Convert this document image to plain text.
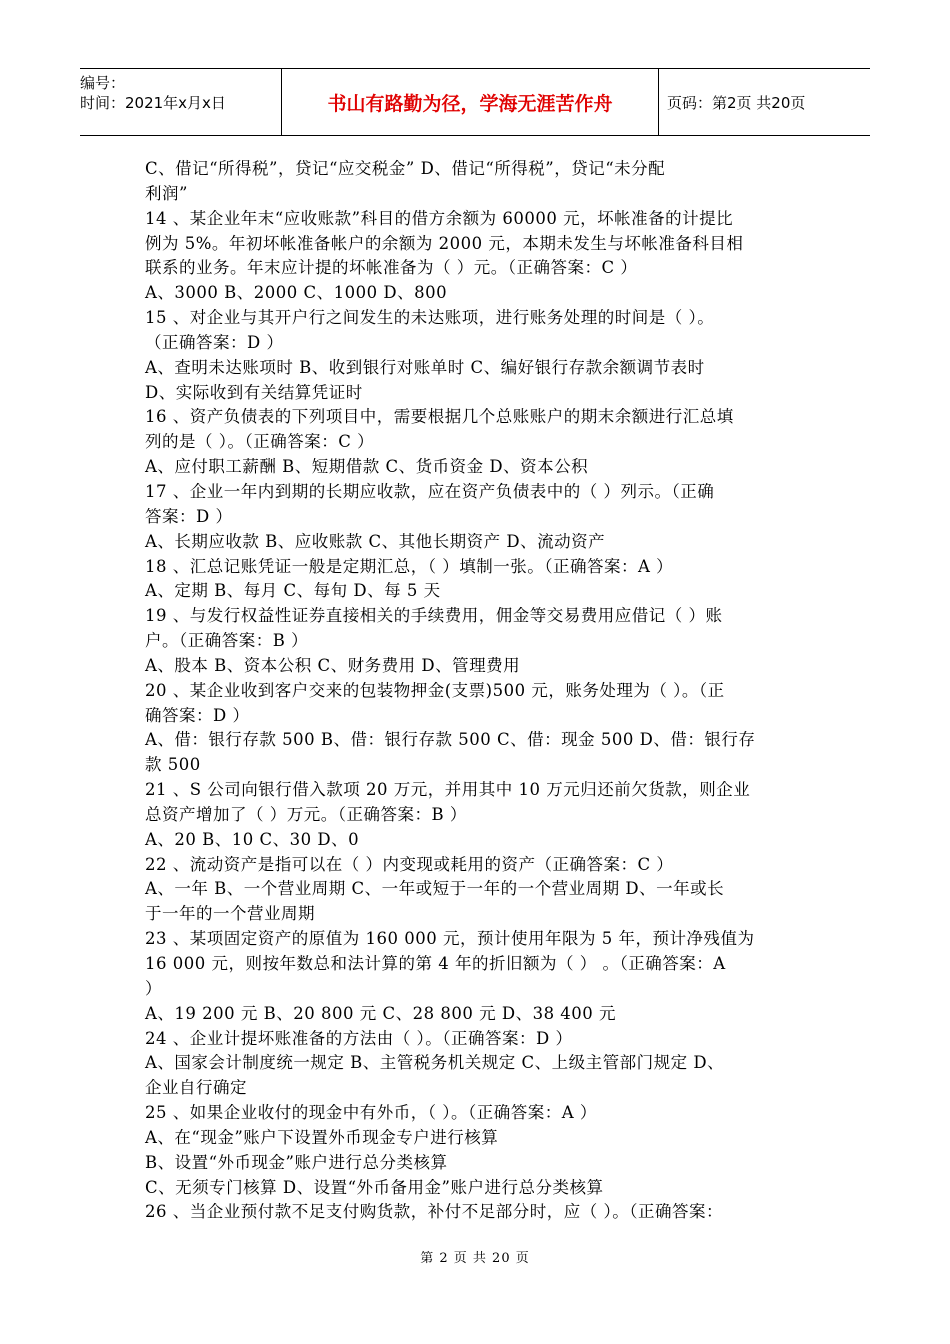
编号：
时间：2021年x月x日	书山有路勤为径，学海无涯苦作舟	页码：第2页 共20页

C、借记“所得税”，贷记“应交税金” D、借记“所得税”，贷记“未分配

利润”

14 、某企业年末“应收账款”科目的借方余额为 60000 元，坏帐准备的计提比

例为 5%。年初坏帐准备帐户的余额为 2000 元，本期未发生与坏帐准备科目相

联系的业务。年末应计提的坏帐准备为（ ）元。（正确答案：C ）

A、3000 B、2000 C、1000 D、800

15 、对企业与其开户行之间发生的未达账项，进行账务处理的时间是（ ）。

（正确答案：D ）

A、查明未达账项时 B、收到银行对账单时 C、编好银行存款余额调节表时

D、实际收到有关结算凭证时

16 、资产负债表的下列项目中，需要根据几个总账账户的期末余额进行汇总填

列的是（ ）。（正确答案：C ）

A、应付职工薪酬 B、短期借款 C、货币资金 D、资本公积

17 、企业一年内到期的长期应收款，应在资产负债表中的（ ）列示。（正确

答案：D ）

A、长期应收款 B、应收账款 C、其他长期资产 D、流动资产

18 、汇总记账凭证一般是定期汇总，（ ）填制一张。（正确答案：A ）

A、定期 B、每月 C、每旬 D、每 5 天

19 、与发行权益性证券直接相关的手续费用，佣金等交易费用应借记（ ）账

户。（正确答案：B ）

A、股本 B、资本公积 C、财务费用 D、管理费用

20 、某企业收到客户交来的包装物押金(支票)500 元，账务处理为（ ）。（正

确答案：D ）

A、借：银行存款 500 B、借：银行存款 500 C、借：现金 500 D、借：银行存

款 500

21 、S 公司向银行借入款项 20 万元，并用其中 10 万元归还前欠货款，则企业

总资产增加了（ ）万元。（正确答案：B ）

A、20 B、10 C、30 D、0

22 、流动资产是指可以在（ ）内变现或耗用的资产（正确答案：C ）

A、一年 B、一个营业周期 C、一年或短于一年的一个营业周期 D、一年或长

于一年的一个营业周期

23 、某项固定资产的原值为 160 000 元，预计使用年限为 5 年，预计净残值为

16 000 元，则按年数总和法计算的第 4 年的折旧额为（ ） 。（正确答案：A

）

A、19 200 元 B、20 800 元 C、28 800 元 D、38 400 元

24 、企业计提坏账准备的方法由（ ）。（正确答案：D ）

A、国家会计制度统一规定 B、主管税务机关规定 C、上级主管部门规定 D、

企业自行确定

25 、如果企业收付的现金中有外币，（ ）。（正确答案：A ）

A、在“现金”账户下设置外币现金专户进行核算

B、设置“外币现金”账户进行总分类核算

C、无须专门核算 D、设置“外币备用金”账户进行总分类核算

26 、当企业预付款不足支付购货款，补付不足部分时，应（ ）。（正确答案：

第 2 页 共 20 页
